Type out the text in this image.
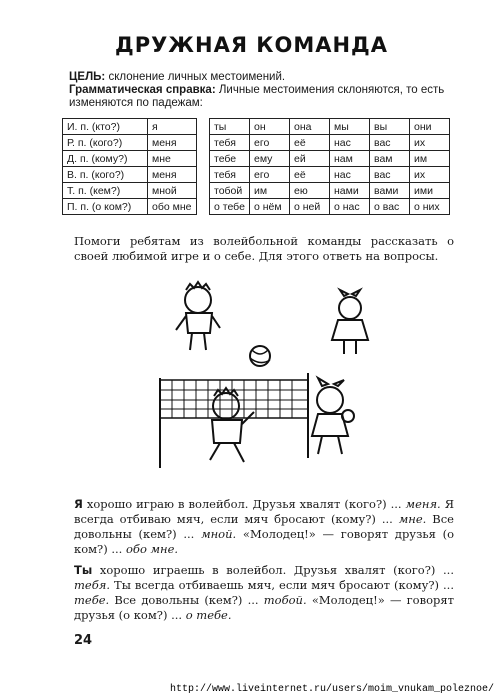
ДРУЖНАЯ КОМАНДА
ЦЕЛЬ: склонение личных местоимений.
Грамматическая справка: Личные местоимения склоняются, то есть изменяются по падежам:
И. п. (кто?)	я
Р. п. (кого?)	меня
Д. п. (кому?)	мне
В. п. (кого?)	меня
Т. п. (кем?)	мной
П. п. (о ком?)	обо мне
ты	он	она	мы	вы	они
тебя	его	её	нас	вас	их
тебе	ему	ей	нам	вам	им
тебя	его	её	нас	вас	их
тобой	им	ею	нами	вами	ими
о тебе	о нём	о ней	о нас	о вас	о них
Помоги ребятам из волейбольной команды рассказать о своей любимой игре и о себе. Для этого ответь на вопросы.
Я хорошо играю в волейбол. Друзья хвалят (кого?) ... меня. Я всегда отбиваю мяч, если мяч бросают (кому?) ... мне. Все довольны (кем?) ... мной. «Молодец!» — говорят друзья (о ком?) ... обо мне.
Ты хорошо играешь в волейбол. Друзья хвалят (кого?) ... тебя. Ты всегда отбиваешь мяч, если мяч бросают (кому?) ... тебе. Все довольны (кем?) ... тобой. «Молодец!» — говорят друзья (о ком?) ... о тебе.
24
http://www.liveinternet.ru/users/moim_vnukam_poleznoe/
